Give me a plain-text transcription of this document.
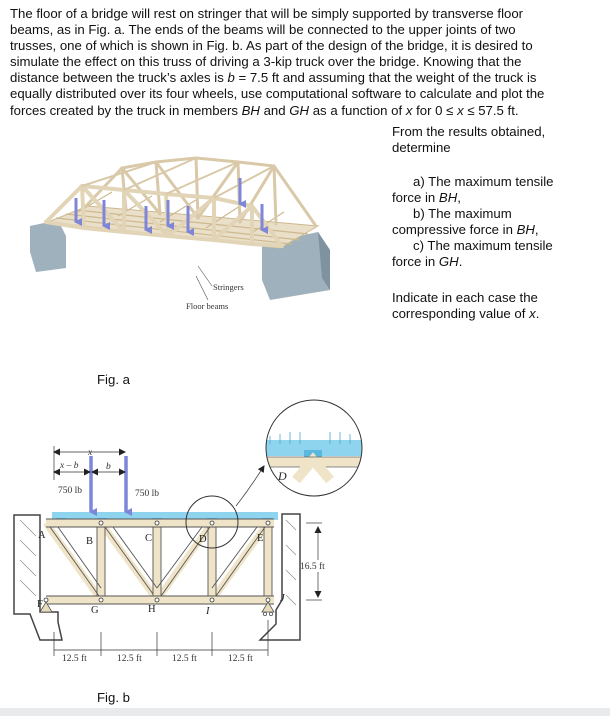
The floor of a bridge will rest on stringer that will be simply supported by transverse floor
beams, as in Fig. a. The ends of the beams will be connected to the upper joints of two
trusses, one of which is shown in Fig. b. As part of the design of the bridge, it is desired to
simulate the effect on this truss of driving a 3-kip truck over the bridge. Knowing that the
distance between the truck’s axles is b = 7.5 ft and assuming that the weight of the truck is
equally distributed over its four wheels, use computational software to calculate and plot the
forces created by the truck in members BH and GH as a function of x for 0 ≤ x ≤ 57.5 ft.

From the results obtained,
determine

a) The maximum tensile
force in BH,

b) The maximum
compressive force in BH,

c) The maximum tensile
force in GH.

Indicate in each case the
corresponding value of x.
Stringers
Floor beams
A
B	C	D	E
F
G	H	I
J
D
750 lb	750 lb
x
x – b	b
16.5 ft
12.5 ft	12.5 ft	12.5 ft	12.5 ft
Fig. a
Fig. b
